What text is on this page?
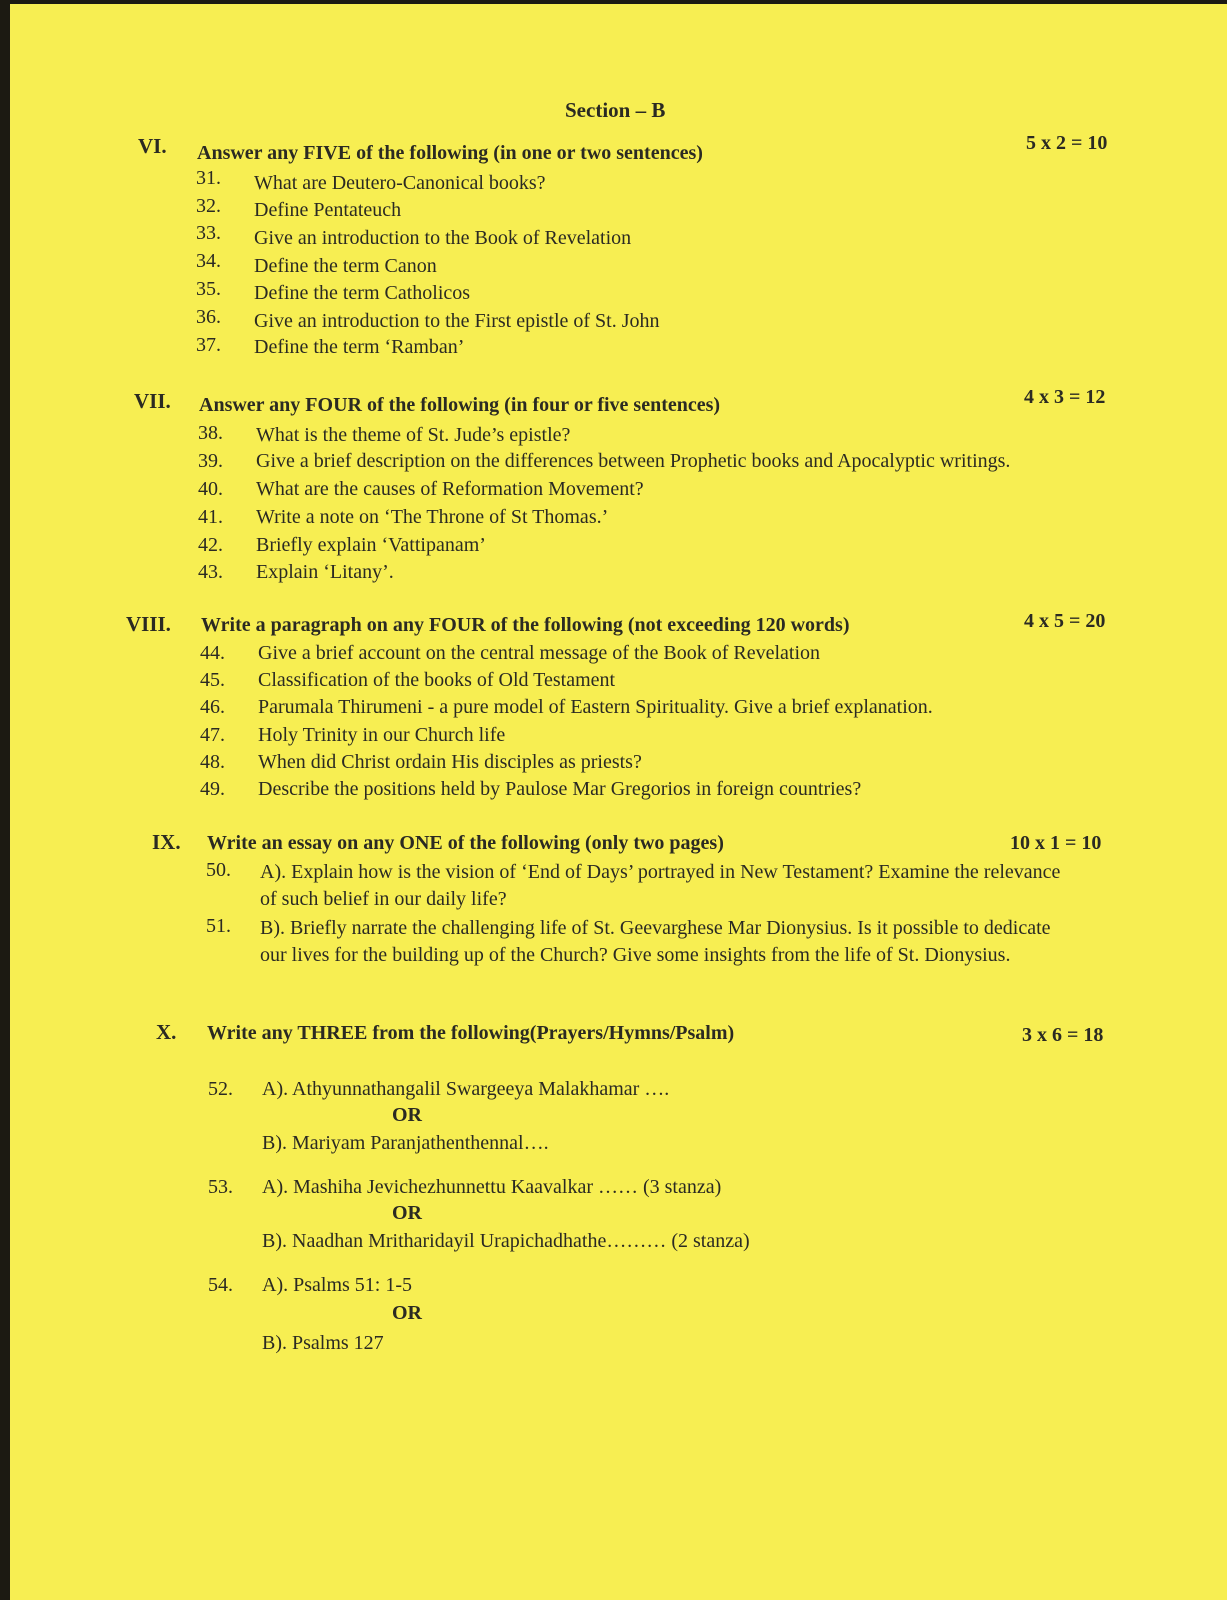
Section – B
VI. Answer any FIVE of the following (in one or two sentences)	5 x 2 = 10
31. What are Deutero-Canonical books?
32. Define Pentateuch
33. Give an introduction to the Book of Revelation
34. Define the term Canon
35. Define the term Catholicos
36. Give an introduction to the First epistle of St. John
37. Define the term ‘Ramban’
VII. Answer any FOUR of the following (in four or five sentences)	4 x 3 = 12
38. What is the theme of St. Jude’s epistle?
39. Give a brief description on the differences between Prophetic books and Apocalyptic writings.
40. What are the causes of Reformation Movement?
41. Write a note on ‘The Throne of St Thomas.’
42. Briefly explain ‘Vattipanam’
43. Explain ‘Litany’.
VIII. Write a paragraph on any FOUR of the following (not exceeding 120 words)	4 x 5 = 20
44. Give a brief account on the central message of the Book of Revelation
45. Classification of the books of Old Testament
46. Parumala Thirumeni - a pure model of Eastern Spirituality. Give a brief explanation.
47. Holy Trinity in our Church life
48. When did Christ ordain His disciples as priests?
49. Describe the positions held by Paulose Mar Gregorios in foreign countries?
IX. Write an essay on any ONE of the following (only two pages)	10 x 1 = 10
50. A). Explain how is the vision of ‘End of Days’ portrayed in New Testament? Examine the relevance of such belief in our daily life?
51. B). Briefly narrate the challenging life of St. Geevarghese Mar Dionysius. Is it possible to dedicate our lives for the building up of the Church? Give some insights from the life of St. Dionysius.
X. Write any THREE from the following(Prayers/Hymns/Psalm)	3 x 6 = 18
52. A). Athyunnathangalil Swargeeya Malakhamar ….
OR
B). Mariyam Paranjathenthennal….
53. A). Mashiha Jevichezhunnettu Kaavalkar …… (3 stanza)
OR
B). Naadhan Mritharidayil Urapichadhathe……… (2 stanza)
54. A). Psalms 51: 1-5
OR
B). Psalms 127
